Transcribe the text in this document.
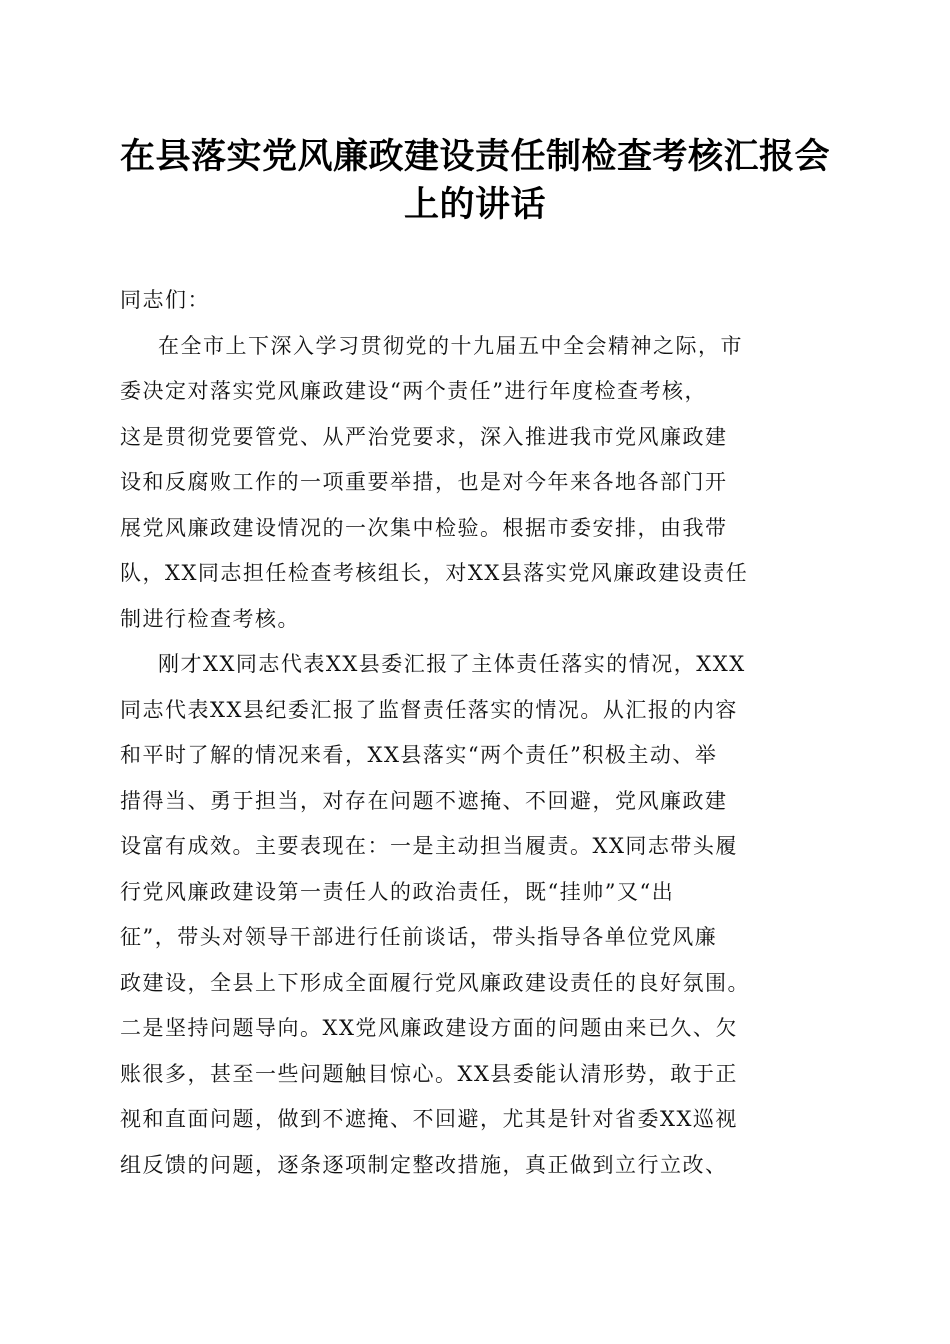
在县落实党风廉政建设责任制检查考核汇报会
上的讲话
同志们：
在全市上下深入学习贯彻党的十九届五中全会精神之际，市
委决定对落实党风廉政建设“两个责任”进行年度检查考核，
这是贯彻党要管党、从严治党要求，深入推进我市党风廉政建
设和反腐败工作的一项重要举措，也是对今年来各地各部门开
展党风廉政建设情况的一次集中检验。根据市委安排，由我带
队，XX同志担任检查考核组长，对XX县落实党风廉政建设责任
制进行检查考核。
刚才XX同志代表XX县委汇报了主体责任落实的情况，XXX
同志代表XX县纪委汇报了监督责任落实的情况。从汇报的内容
和平时了解的情况来看，XX县落实“两个责任”积极主动、举
措得当、勇于担当，对存在问题不遮掩、不回避，党风廉政建
设富有成效。主要表现在：一是主动担当履责。XX同志带头履
行党风廉政建设第一责任人的政治责任，既“挂帅”又“出
征”，带头对领导干部进行任前谈话，带头指导各单位党风廉
政建设，全县上下形成全面履行党风廉政建设责任的良好氛围。
二是坚持问题导向。XX党风廉政建设方面的问题由来已久、欠
账很多，甚至一些问题触目惊心。XX县委能认清形势，敢于正
视和直面问题，做到不遮掩、不回避，尤其是针对省委XX巡视
组反馈的问题，逐条逐项制定整改措施，真正做到立行立改、
